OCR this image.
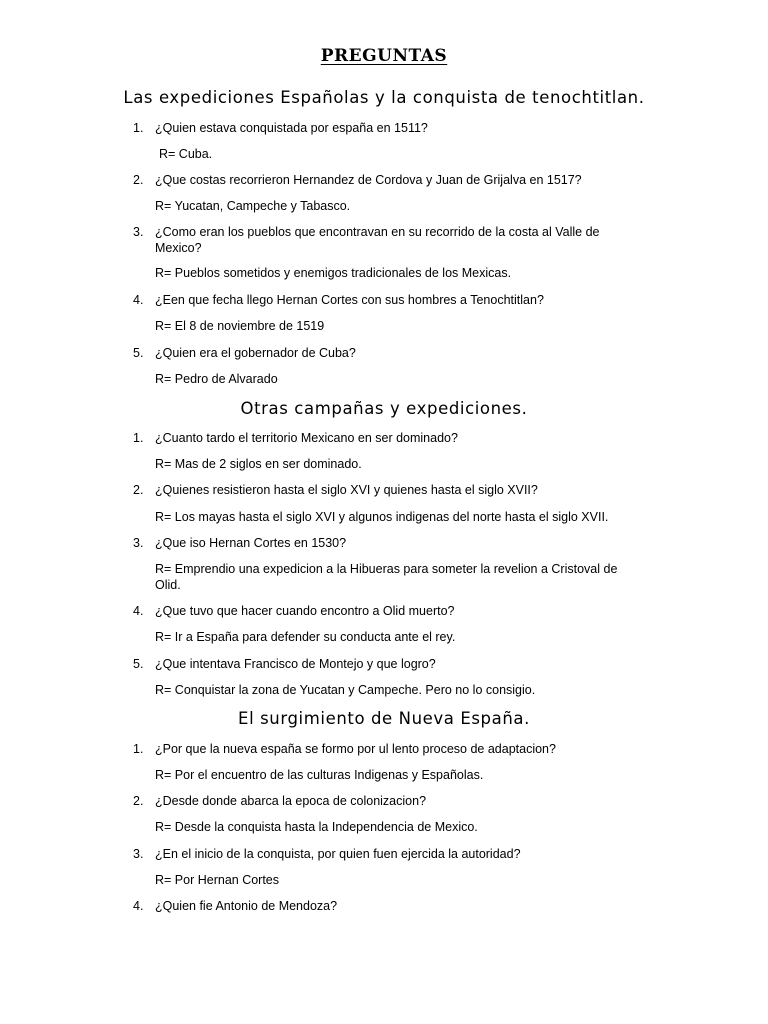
PREGUNTAS
Las expediciones Españolas y la conquista de tenochtitlan.
1. ¿Quien estava conquistada por españa en 1511?
R= Cuba.
2. ¿Que costas recorrieron Hernandez de Cordova y Juan de Grijalva en 1517?
R= Yucatan, Campeche y Tabasco.
3. ¿Como eran los pueblos que encontravan en su recorrido de la costa al Valle de Mexico?
R= Pueblos sometidos y enemigos tradicionales de los Mexicas.
4. ¿Een que fecha llego Hernan Cortes con sus hombres a Tenochtitlan?
R= El 8 de noviembre de 1519
5. ¿Quien era el gobernador de Cuba?
R= Pedro de Alvarado
Otras campañas y expediciones.
1. ¿Cuanto tardo el territorio Mexicano en ser dominado?
R= Mas de 2 siglos en ser dominado.
2. ¿Quienes resistieron hasta el siglo XVI y quienes hasta el siglo XVII?
R= Los mayas hasta el siglo XVI y algunos indigenas del norte hasta el siglo XVII.
3. ¿Que iso Hernan Cortes en 1530?
R= Emprendio una expedicion a la Hibueras para someter la revelion a Cristoval de Olid.
4. ¿Que tuvo que hacer cuando encontro a Olid muerto?
R= Ir a España para defender su conducta ante el rey.
5. ¿Que intentava Francisco de Montejo y que logro?
R= Conquistar la zona de Yucatan y Campeche. Pero no lo consigio.
El surgimiento de Nueva España.
1. ¿Por que la nueva españa se formo por ul lento proceso de adaptacion?
R= Por el encuentro de las culturas Indigenas y Españolas.
2. ¿Desde donde abarca la epoca de colonizacion?
R= Desde la conquista hasta la Independencia de Mexico.
3. ¿En el inicio de la conquista, por quien fuen ejercida la autoridad?
R= Por Hernan Cortes
4. ¿Quien fie Antonio de Mendoza?
